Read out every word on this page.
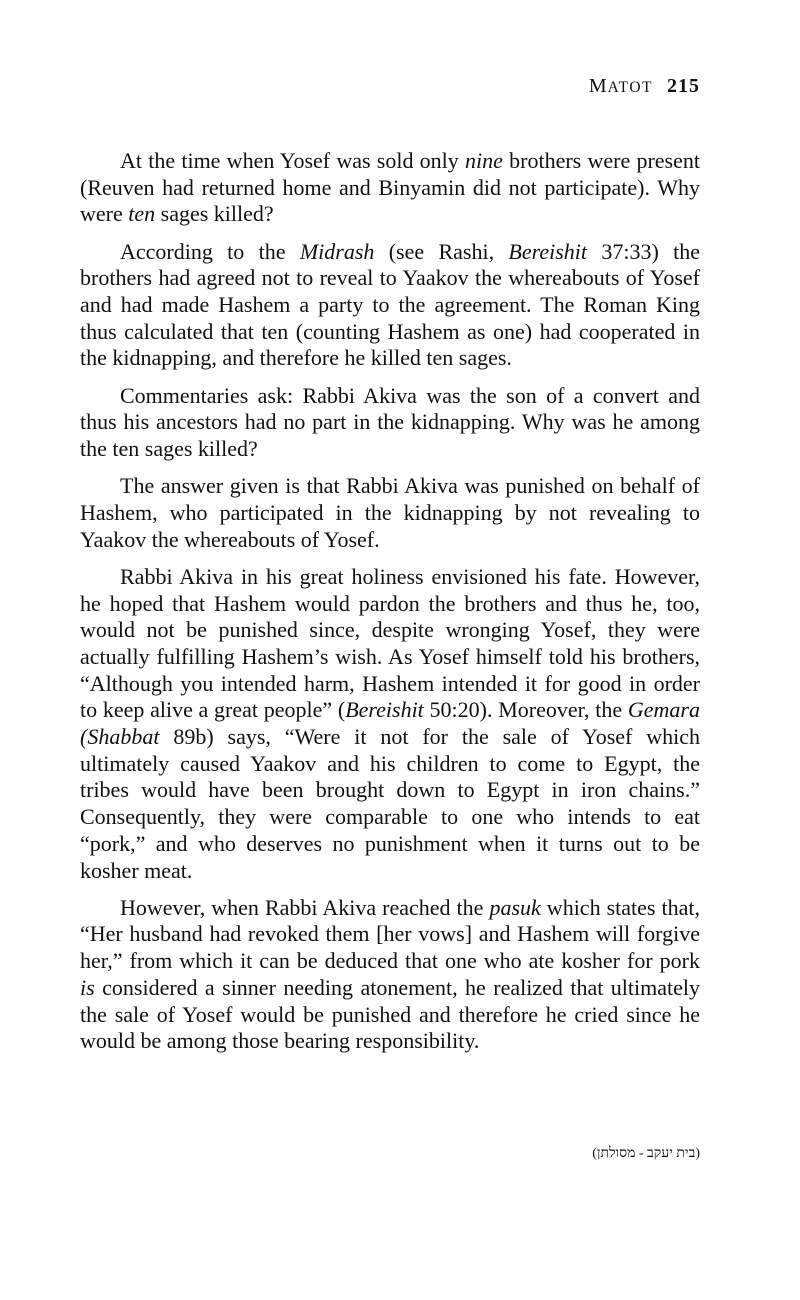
MATOT 215

At the time when Yosef was sold only nine brothers were present (Reuven had returned home and Binyamin did not participate). Why were ten sages killed?

According to the Midrash (see Rashi, Bereishit 37:33) the brothers had agreed not to reveal to Yaakov the whereabouts of Yosef and had made Hashem a party to the agreement. The Roman King thus calculated that ten (counting Hashem as one) had cooperated in the kidnapping, and therefore he killed ten sages.

Commentaries ask: Rabbi Akiva was the son of a convert and thus his ancestors had no part in the kidnapping. Why was he among the ten sages killed?

The answer given is that Rabbi Akiva was punished on behalf of Hashem, who participated in the kidnapping by not revealing to Yaakov the whereabouts of Yosef.

Rabbi Akiva in his great holiness envisioned his fate. However, he hoped that Hashem would pardon the brothers and thus he, too, would not be punished since, despite wronging Yosef, they were actually fulfilling Hashem’s wish. As Yosef himself told his brothers, “Although you intended harm, Hashem intended it for good in order to keep alive a great people” (Bereishit 50:20). Moreover, the Gemara (Shabbat 89b) says, “Were it not for the sale of Yosef which ultimately caused Yaakov and his children to come to Egypt, the tribes would have been brought down to Egypt in iron chains.” Consequently, they were comparable to one who intends to eat “pork,” and who deserves no punishment when it turns out to be kosher meat.

However, when Rabbi Akiva reached the pasuk which states that, “Her husband had revoked them [her vows] and Hashem will forgive her,” from which it can be deduced that one who ate kosher for pork is considered a sinner needing atonement, he realized that ultimately the sale of Yosef would be punished and therefore he cried since he would be among those bearing responsibility.

(בית יעקב - מסולתן)
